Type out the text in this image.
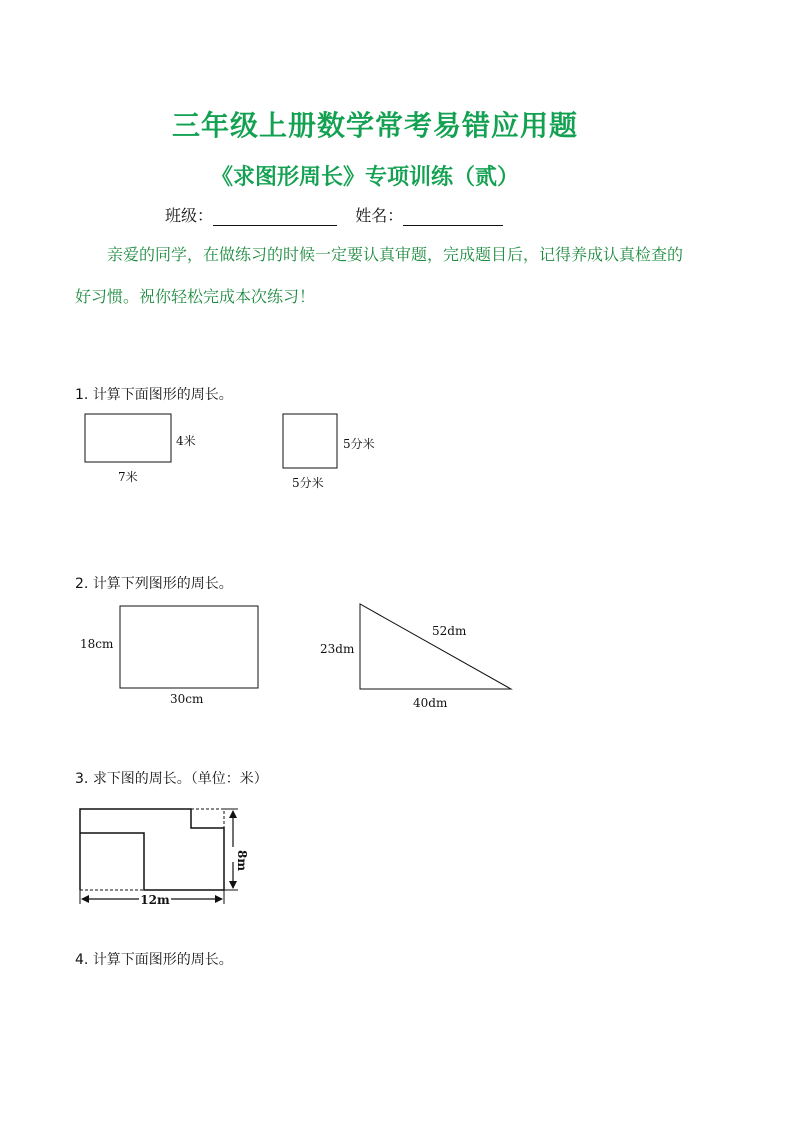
三年级上册数学常考易错应用题
《求图形周长》专项训练（贰）
班级：	姓名：
亲爱的同学，在做练习的时候一定要认真审题，完成题目后，记得养成认真检查的好习惯。祝你轻松完成本次练习！
1. 计算下面图形的周长。
4米
7米
5分米
5分米
2. 计算下列图形的周长。
18cm
30cm
23dm
52dm
40dm
3. 求下图的周长。（单位：米）
12m
8m
4. 计算下面图形的周长。
